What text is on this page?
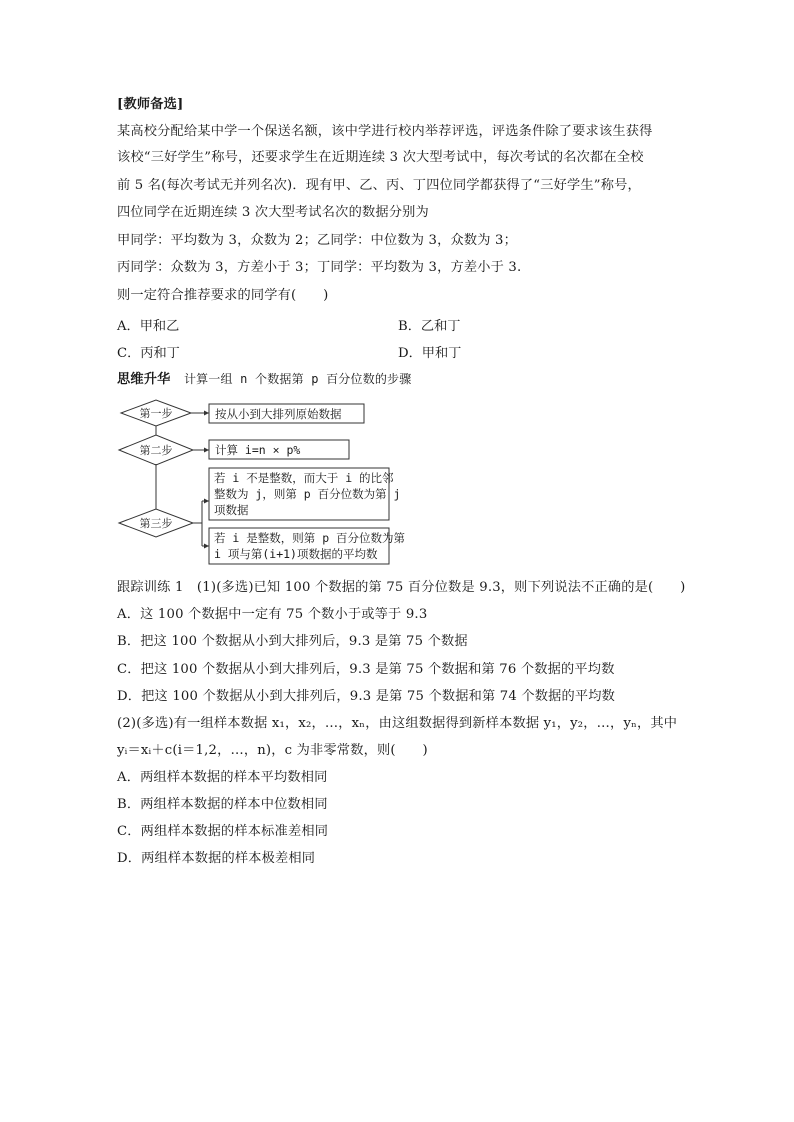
[教师备选]
某高校分配给某中学一个保送名额，该中学进行校内举荐评选，评选条件除了要求该生获得
该校“三好学生”称号，还要求学生在近期连续 3 次大型考试中，每次考试的名次都在全校
前 5 名(每次考试无并列名次)．现有甲、乙、丙、丁四位同学都获得了“三好学生”称号，
四位同学在近期连续 3 次大型考试名次的数据分别为
甲同学：平均数为 3，众数为 2；乙同学：中位数为 3，众数为 3；
丙同学：众数为 3，方差小于 3；丁同学：平均数为 3，方差小于 3.
则一定符合推荐要求的同学有(　　)
A．甲和乙	B．乙和丁
C．丙和丁	D．甲和丁
思维升华　 计算一组 n 个数据第 p 百分位数的步骤
第一步
第二步
第三步
按从小到大排列原始数据
计算 i=n × p%
若 i 不是整数，而大于 i 的比邻
整数为 j，则第 p 百分位数为第 j
项数据
若 i 是整数，则第 p 百分位数为第
i 项与第(i+1)项数据的平均数
跟踪训练 1　(1)(多选)已知 100 个数据的第 75 百分位数是 9.3，则下列说法不正确的是(　　)
A．这 100 个数据中一定有 75 个数小于或等于 9.3
B．把这 100 个数据从小到大排列后，9.3 是第 75 个数据
C．把这 100 个数据从小到大排列后，9.3 是第 75 个数据和第 76 个数据的平均数
D．把这 100 个数据从小到大排列后，9.3 是第 75 个数据和第 74 个数据的平均数
(2)(多选)有一组样本数据 x₁，x₂，…，xₙ，由这组数据得到新样本数据 y₁，y₂，…，yₙ，其中
yᵢ＝xᵢ＋c(i＝1,2，…，n)，c 为非零常数，则(　　)
A．两组样本数据的样本平均数相同
B．两组样本数据的样本中位数相同
C．两组样本数据的样本标准差相同
D．两组样本数据的样本极差相同
